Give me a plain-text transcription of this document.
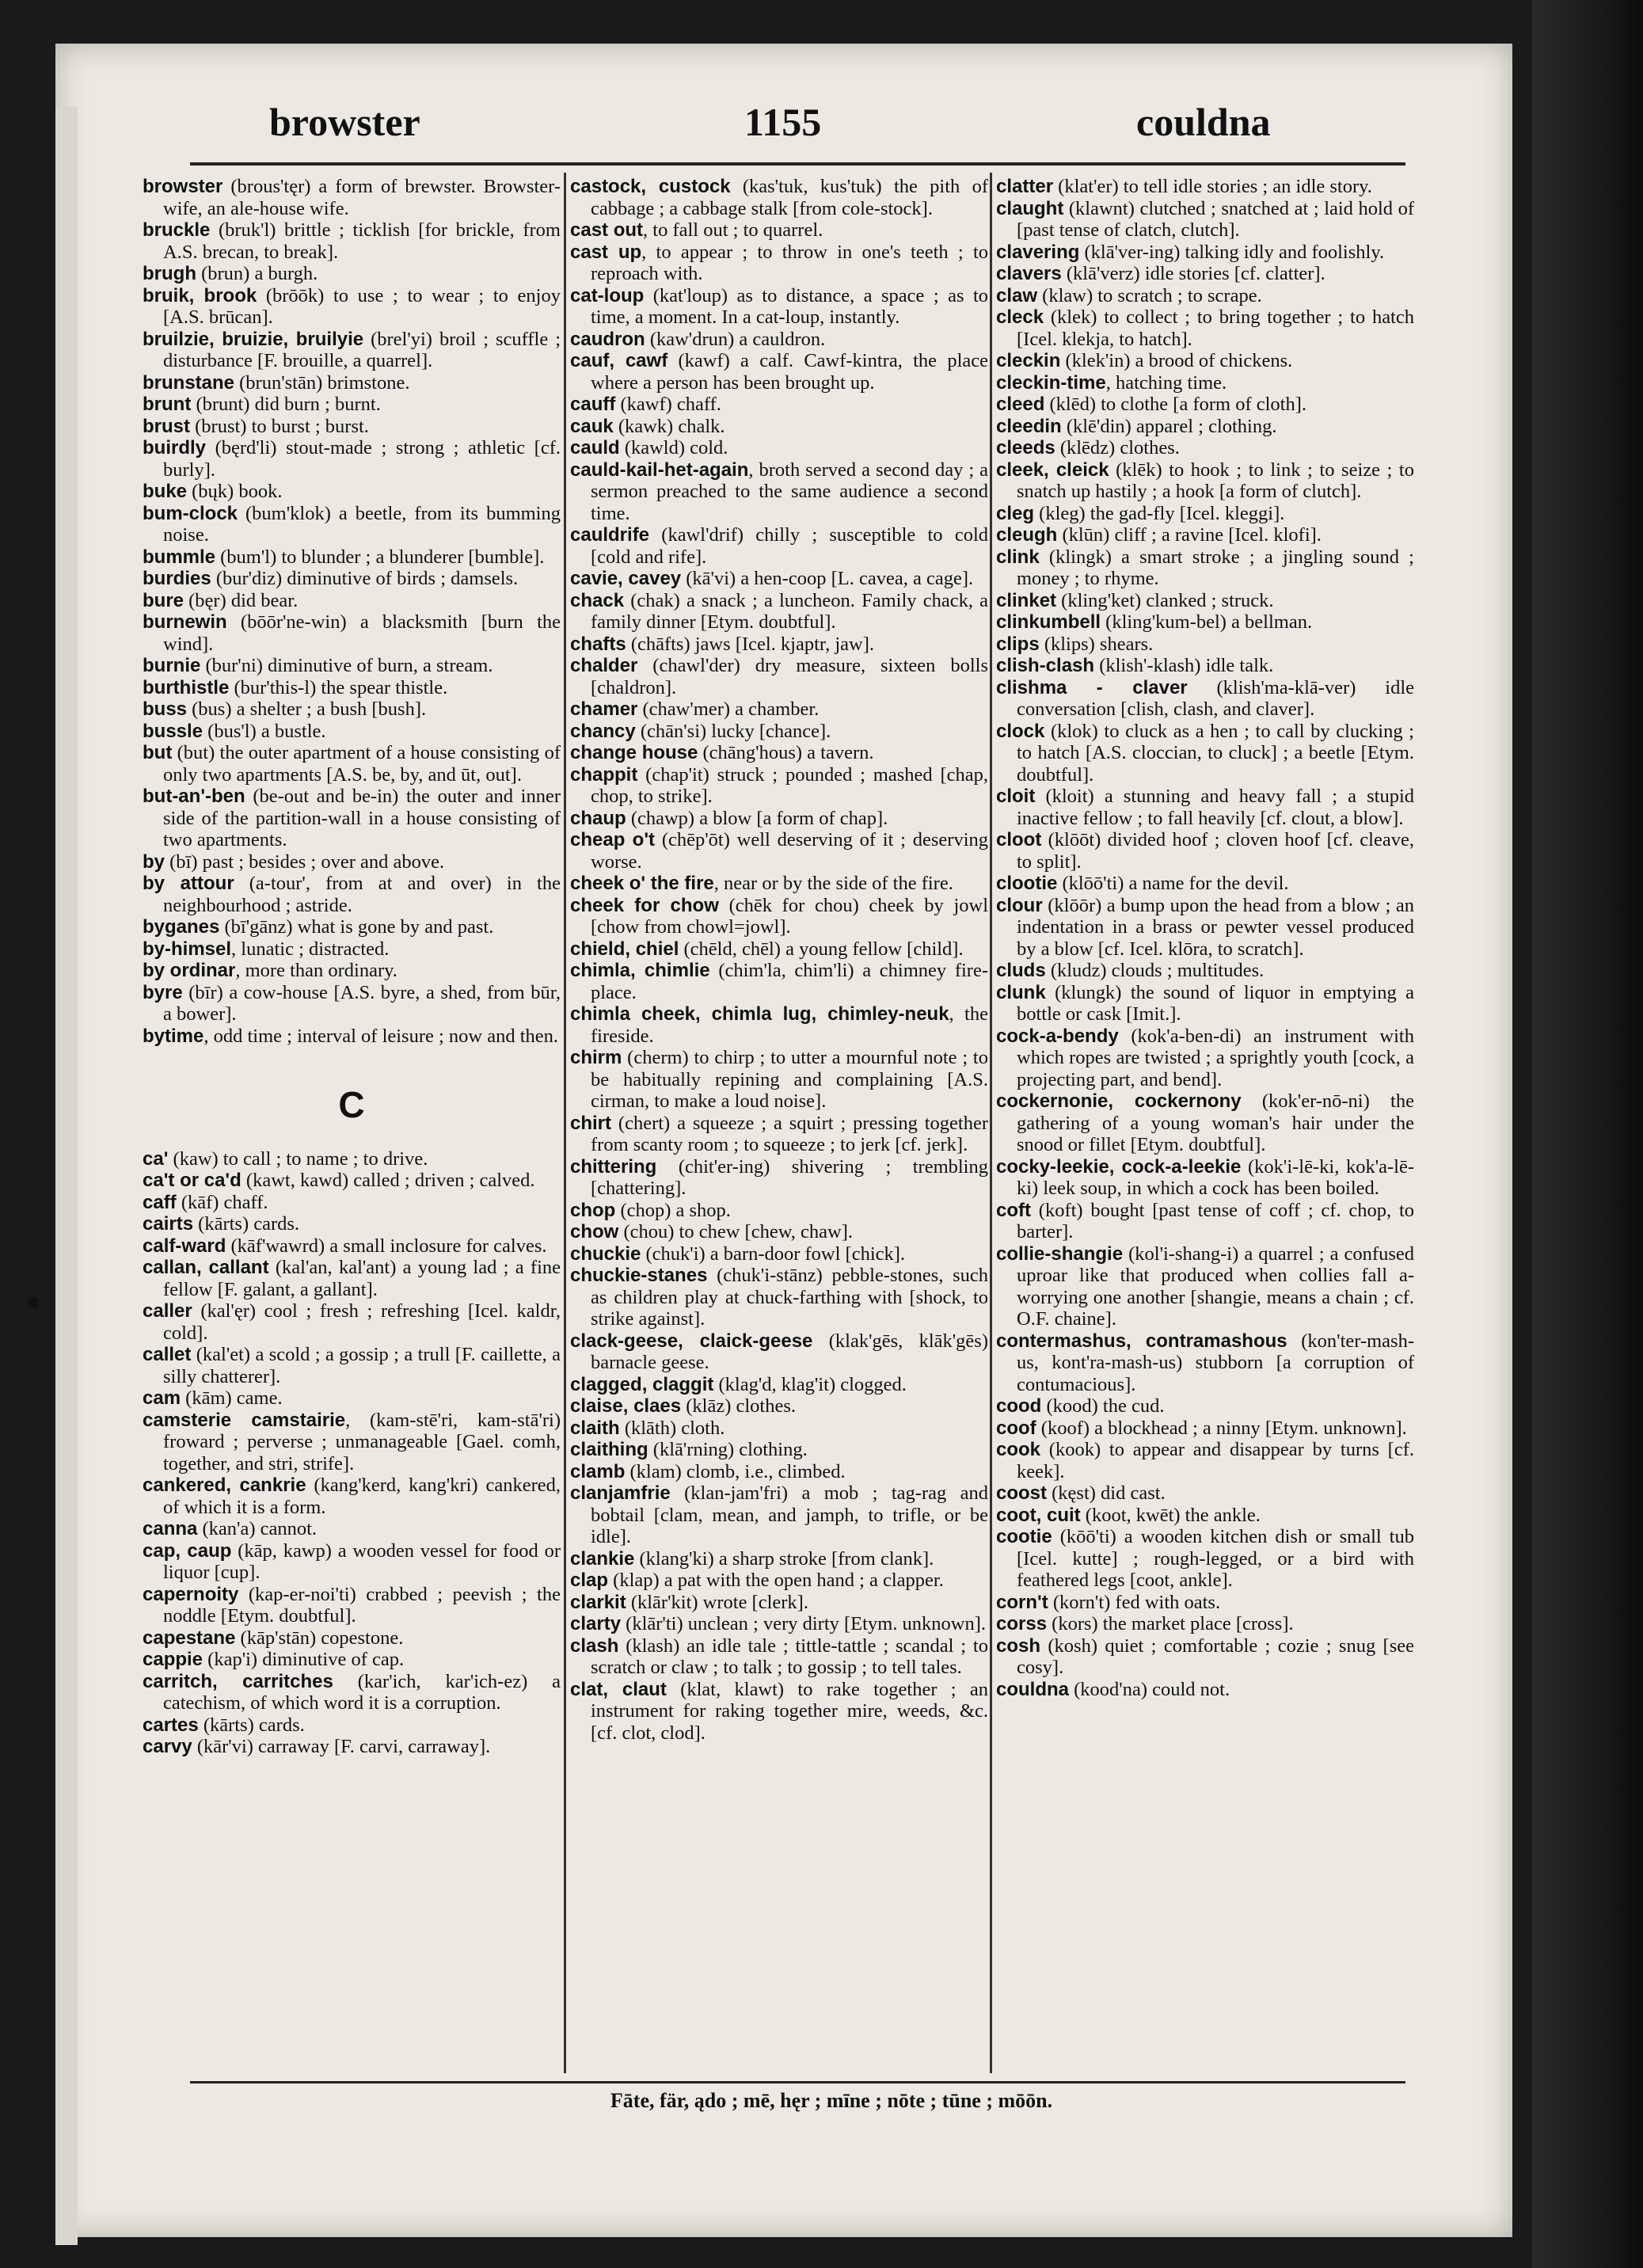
browster	1155	couldna

browster (brous'tęr) a form of brewster. Browster-wife, an ale-house wife.

bruckle (bruk'l) brittle ; ticklish [for brickle, from A.S. brecan, to break].

brugh (brun) a burgh.

bruik, brook (brōōk) to use ; to wear ; to enjoy [A.S. brūcan].

bruilzie, bruizie, bruilyie (brel'yi) broil ; scuffle ; disturbance [F. brouille, a quarrel].

brunstane (brun'stān) brimstone.

brunt (brunt) did burn ; burnt.

brust (brust) to burst ; burst.

buirdly (bęrd'li) stout-made ; strong ; athletic [cf. burly].

buke (bųk) book.

bum-clock (bum'klok) a beetle, from its bumming noise.

bummle (bum'l) to blunder ; a blunderer [bumble].

burdies (bur'diz) diminutive of birds ; damsels.

bure (bęr) did bear.

burnewin (bōōr'ne-win) a blacksmith [burn the wind].

burnie (bur'ni) diminutive of burn, a stream.

burthistle (bur'this-l) the spear thistle.

buss (bus) a shelter ; a bush [bush].

bussle (bus'l) a bustle.

but (but) the outer apartment of a house consisting of only two apartments [A.S. be, by, and ūt, out].

but-an'-ben (be-out and be-in) the outer and inner side of the partition-wall in a house consisting of two apartments.

by (bī) past ; besides ; over and above.

by attour (a-tour', from at and over) in the neighbourhood ; astride.

byganes (bī'gānz) what is gone by and past.

by-himsel, lunatic ; distracted.

by ordinar, more than ordinary.

byre (bīr) a cow-house [A.S. byre, a shed, from būr, a bower].

bytime, odd time ; interval of leisure ; now and then.

C

ca' (kaw) to call ; to name ; to drive.

ca't or ca'd (kawt, kawd) called ; driven ; calved.

caff (kāf) chaff.

cairts (kārts) cards.

calf-ward (kāf'wawrd) a small inclosure for calves.

callan, callant (kal'an, kal'ant) a young lad ; a fine fellow [F. galant, a gallant].

caller (kal'ęr) cool ; fresh ; refreshing [Icel. kaldr, cold].

callet (kal'et) a scold ; a gossip ; a trull [F. caillette, a silly chatterer].

cam (kām) came.

camsterie camstairie, (kam-stē'ri, kam-stā'ri) froward ; perverse ; unmanageable [Gael. comh, together, and stri, strife].

cankered, cankrie (kang'kerd, kang'kri) cankered, of which it is a form.

canna (kan'a) cannot.

cap, caup (kāp, kawp) a wooden vessel for food or liquor [cup].

capernoity (kap-er-noi'ti) crabbed ; peevish ; the noddle [Etym. doubtful].

capestane (kāp'stān) copestone.

cappie (kap'i) diminutive of cap.

carritch, carritches (kar'ich, kar'ich-ez) a catechism, of which word it is a corruption.

cartes (kārts) cards.

carvy (kār'vi) carraway [F. carvi, carraway].

castock, custock (kas'tuk, kus'tuk) the pith of cabbage ; a cabbage stalk [from cole-stock].

cast out, to fall out ; to quarrel.

cast up, to appear ; to throw in one's teeth ; to reproach with.

cat-loup (kat'loup) as to distance, a space ; as to time, a moment. In a cat-loup, instantly.

caudron (kaw'drun) a cauldron.

cauf, cawf (kawf) a calf. Cawf-kintra, the place where a person has been brought up.

cauff (kawf) chaff.

cauk (kawk) chalk.

cauld (kawld) cold.

cauld-kail-het-again, broth served a second day ; a sermon preached to the same audience a second time.

cauldrife (kawl'drif) chilly ; susceptible to cold [cold and rife].

cavie, cavey (kā'vi) a hen-coop [L. cavea, a cage].

chack (chak) a snack ; a luncheon. Family chack, a family dinner [Etym. doubtful].

chafts (chāfts) jaws [Icel. kjaptr, jaw].

chalder (chawl'der) dry measure, sixteen bolls [chaldron].

chamer (chaw'mer) a chamber.

chancy (chān'si) lucky [chance].

change house (chāng'hous) a tavern.

chappit (chap'it) struck ; pounded ; mashed [chap, chop, to strike].

chaup (chawp) a blow [a form of chap].

cheap o't (chēp'ōt) well deserving of it ; deserving worse.

cheek o' the fire, near or by the side of the fire.

cheek for chow (chēk for chou) cheek by jowl [chow from chowl=jowl].

chield, chiel (chēld, chēl) a young fellow [child].

chimla, chimlie (chim'la, chim'li) a chimney fire-place.

chimla cheek, chimla lug, chimley-neuk, the fireside.

chirm (cherm) to chirp ; to utter a mournful note ; to be habitually repining and complaining [A.S. cirman, to make a loud noise].

chirt (chert) a squeeze ; a squirt ; pressing together from scanty room ; to squeeze ; to jerk [cf. jerk].

chittering (chit'er-ing) shivering ; trembling [chattering].

chop (chop) a shop.

chow (chou) to chew [chew, chaw].

chuckie (chuk'i) a barn-door fowl [chick].

chuckie-stanes (chuk'i-stānz) pebble-stones, such as children play at chuck-farthing with [shock, to strike against].

clack-geese, claick-geese (klak'gēs, klāk'gēs) barnacle geese.

clagged, claggit (klag'd, klag'it) clogged.

claise, claes (klāz) clothes.

claith (klāth) cloth.

claithing (klā'rning) clothing.

clamb (klam) clomb, i.e., climbed.

clanjamfrie (klan-jam'fri) a mob ; tag-rag and bobtail [clam, mean, and jamph, to trifle, or be idle].

clankie (klang'ki) a sharp stroke [from clank].

clap (klap) a pat with the open hand ; a clapper.

clarkit (klār'kit) wrote [clerk].

clarty (klār'ti) unclean ; very dirty [Etym. unknown].

clash (klash) an idle tale ; tittle-tattle ; scandal ; to scratch or claw ; to talk ; to gossip ; to tell tales.

clat, claut (klat, klawt) to rake together ; an instrument for raking together mire, weeds, &c. [cf. clot, clod].

clatter (klat'er) to tell idle stories ; an idle story.

claught (klawnt) clutched ; snatched at ; laid hold of [past tense of clatch, clutch].

clavering (klā'ver-ing) talking idly and foolishly.

clavers (klā'verz) idle stories [cf. clatter].

claw (klaw) to scratch ; to scrape.

cleck (klek) to collect ; to bring together ; to hatch [Icel. klekja, to hatch].

cleckin (klek'in) a brood of chickens.

cleckin-time, hatching time.

cleed (klēd) to clothe [a form of cloth].

cleedin (klē'din) apparel ; clothing.

cleeds (klēdz) clothes.

cleek, cleick (klēk) to hook ; to link ; to seize ; to snatch up hastily ; a hook [a form of clutch].

cleg (kleg) the gad-fly [Icel. kleggi].

cleugh (klūn) cliff ; a ravine [Icel. klofi].

clink (klingk) a smart stroke ; a jingling sound ; money ; to rhyme.

clinket (kling'ket) clanked ; struck.

clinkumbell (kling'kum-bel) a bellman.

clips (klips) shears.

clish-clash (klish'-klash) idle talk.

clishma - claver (klish'ma-klā-ver) idle conversation [clish, clash, and claver].

clock (klok) to cluck as a hen ; to call by clucking ; to hatch [A.S. cloccian, to cluck] ; a beetle [Etym. doubtful].

cloit (kloit) a stunning and heavy fall ; a stupid inactive fellow ; to fall heavily [cf. clout, a blow].

cloot (klōōt) divided hoof ; cloven hoof [cf. cleave, to split].

clootie (klōō'ti) a name for the devil.

clour (klōōr) a bump upon the head from a blow ; an indentation in a brass or pewter vessel produced by a blow [cf. Icel. klōra, to scratch].

cluds (kludz) clouds ; multitudes.

clunk (klungk) the sound of liquor in emptying a bottle or cask [Imit.].

cock-a-bendy (kok'a-ben-di) an instrument with which ropes are twisted ; a sprightly youth [cock, a projecting part, and bend].

cockernonie, cockernony (kok'er-nō-ni) the gathering of a young woman's hair under the snood or fillet [Etym. doubtful].

cocky-leekie, cock-a-leekie (kok'i-lē-ki, kok'a-lē-ki) leek soup, in which a cock has been boiled.

coft (koft) bought [past tense of coff ; cf. chop, to barter].

collie-shangie (kol'i-shang-i) a quarrel ; a confused uproar like that produced when collies fall a-worrying one another [shangie, means a chain ; cf. O.F. chaine].

contermashus, contramashous (kon'ter-mash-us, kont'ra-mash-us) stubborn [a corruption of contumacious].

cood (kood) the cud.

coof (koof) a blockhead ; a ninny [Etym. unknown].

cook (kook) to appear and disappear by turns [cf. keek].

coost (kęst) did cast.

coot, cuit (koot, kwēt) the ankle.

cootie (kōō'ti) a wooden kitchen dish or small tub [Icel. kutte] ; rough-legged, or a bird with feathered legs [coot, ankle].

corn't (korn't) fed with oats.

corss (kors) the market place [cross].

cosh (kosh) quiet ; comfortable ; cozie ; snug [see cosy].

couldna (kood'na) could not.

Fāte, fär, ądo ; mē, hęr ; mīne ; nōte ; tūne ; mōōn.
